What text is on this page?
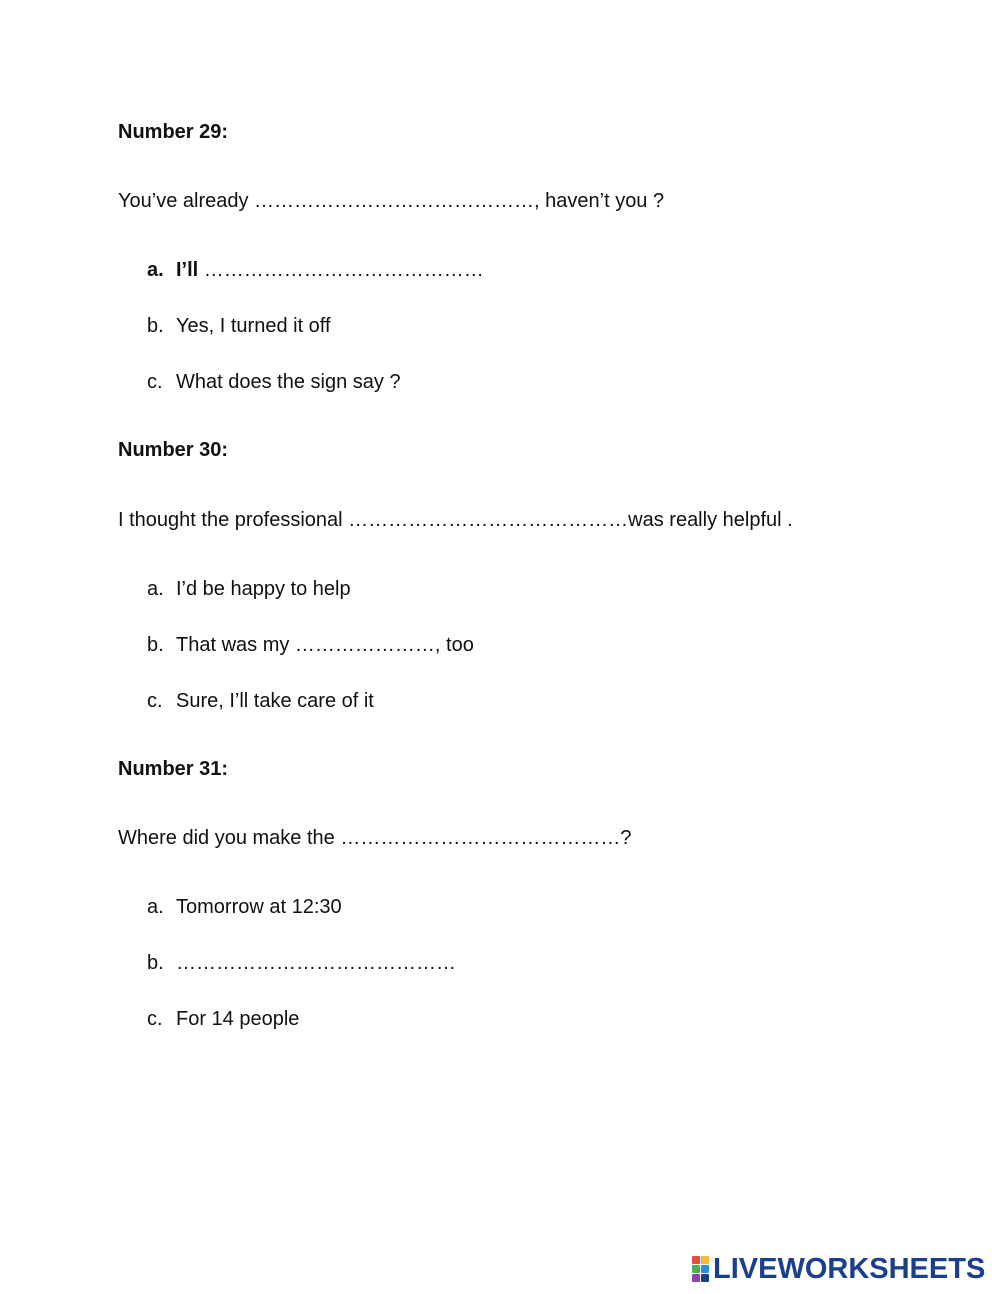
Number 29:
You’ve already ……………………………………, haven’t you ?
a. I’ll ……………………………………
b. Yes, I turned it off
c. What does the sign say ?
Number 30:
I thought the professional ……………………………………was really helpful .
a. I’d be happy to help
b. That was my …………………, too
c. Sure, I’ll take care of it
Number 31:
Where did you make the ……………………………………?
a. Tomorrow at 12:30
b. ……………………………………
c. For 14 people
LIVEWORKSHEETS
